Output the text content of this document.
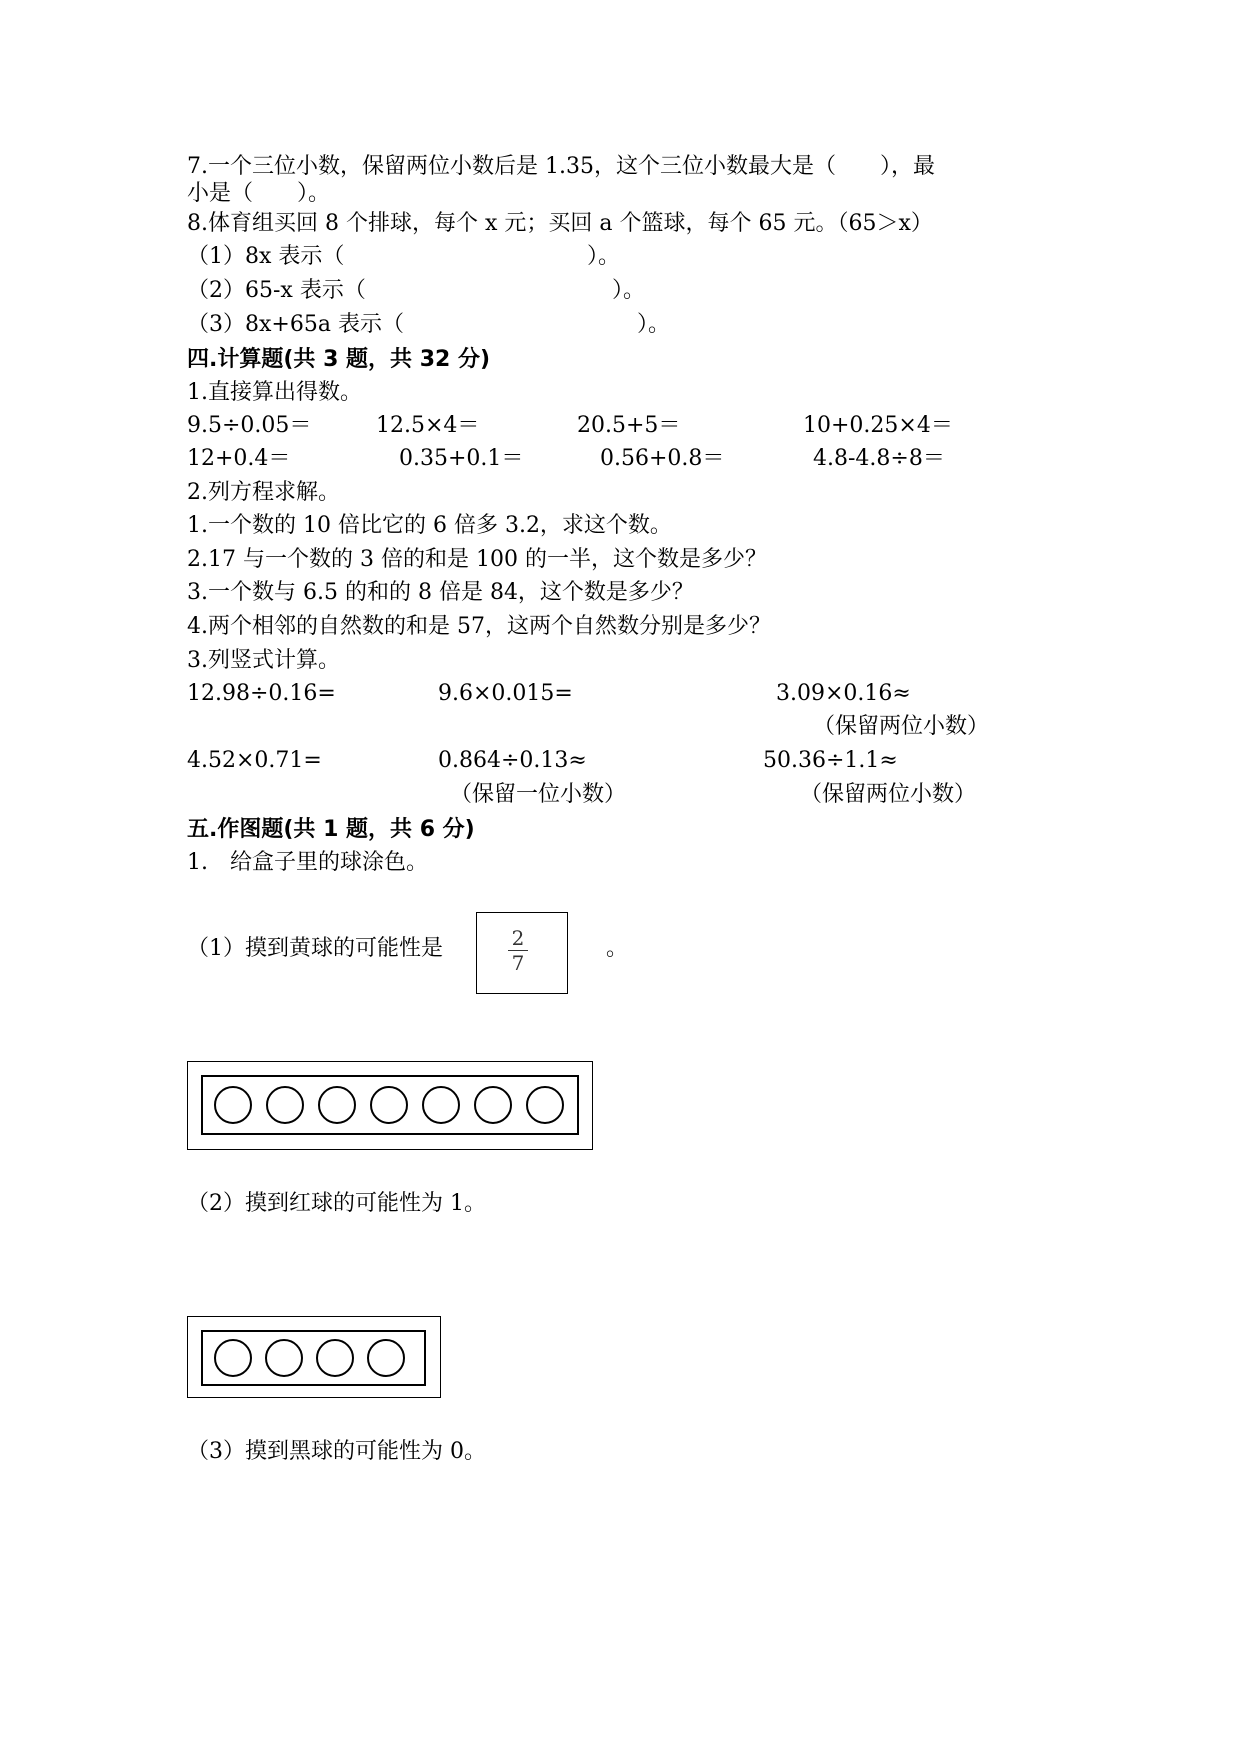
7.一个三位小数，保留两位小数后是 1.35，这个三位小数最大是（　　），最
小是（　　）。
8.体育组买回 8 个排球，每个 x 元；买回 a 个篮球，每个 65 元。（65＞x）
（1）8x 表示（	）。
（2）65-x 表示（	）。
（3）8x+65a 表示（	）。
四.计算题(共 3 题，共 32 分)
1.直接算出得数。
9.5÷0.05＝	12.5×4＝	20.5+5＝	10+0.25×4＝
12+0.4＝	0.35+0.1＝	0.56+0.8＝	4.8-4.8÷8＝
2.列方程求解。
1.一个数的 10 倍比它的 6 倍多 3.2，求这个数。
2.17 与一个数的 3 倍的和是 100 的一半，这个数是多少？
3.一个数与 6.5 的和的 8 倍是 84，这个数是多少？
4.两个相邻的自然数的和是 57，这两个自然数分别是多少？
3.列竖式计算。
12.98÷0.16=	9.6×0.015=	3.09×0.16≈
（保留两位小数）
4.52×0.71=	0.864÷0.13≈	50.36÷1.1≈
（保留一位小数）	（保留两位小数）
五.作图题(共 1 题，共 6 分)
1.　给盒子里的球涂色。
（1）摸到黄球的可能性是	2
7
。
（2）摸到红球的可能性为 1。
（3）摸到黑球的可能性为 0。
